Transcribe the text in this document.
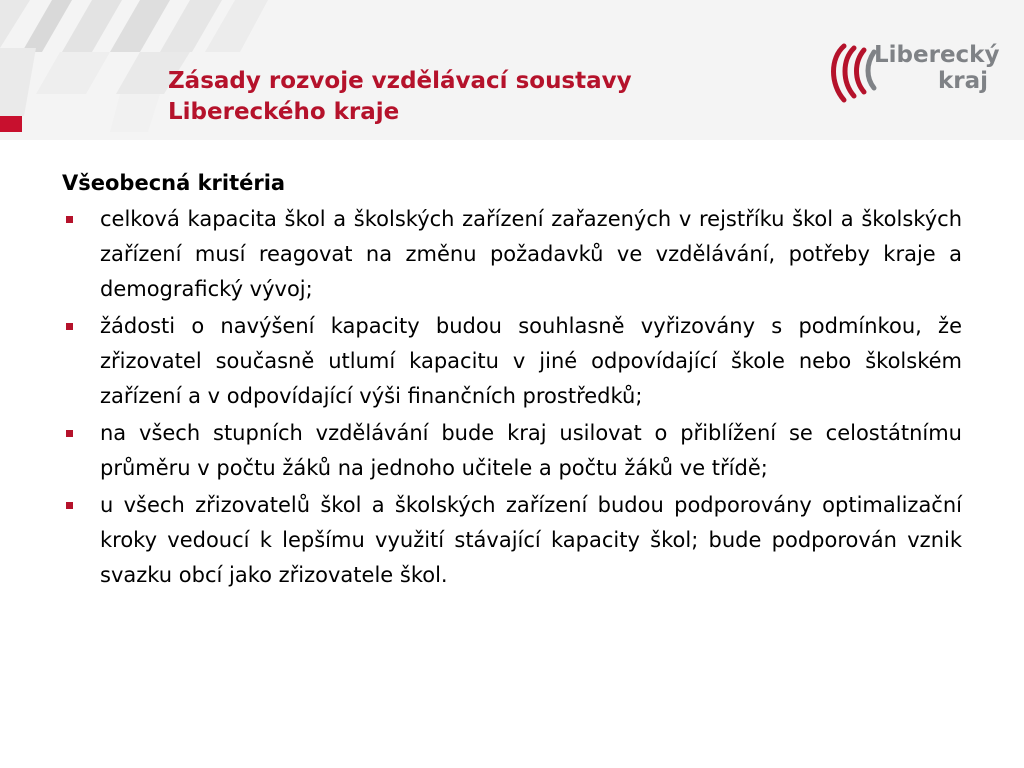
Zásady rozvoje vzdělávací soustavy
Libereckého kraje
Liberecký
kraj
Všeobecná kritéria
celková kapacita škol a školských zařízení zařazených v rejstříku škol a školských zařízení musí reagovat na změnu požadavků ve vzdělávání, potřeby kraje a demografický vývoj;
žádosti o navýšení kapacity budou souhlasně vyřizovány s podmínkou, že zřizovatel současně utlumí kapacitu v jiné odpovídající škole nebo školském zařízení a v odpovídající výši finančních prostředků;
na všech stupních vzdělávání bude kraj usilovat o přiblížení se celostátnímu průměru v počtu žáků na jednoho učitele a počtu žáků ve třídě;
u všech zřizovatelů škol a školských zařízení budou podporovány optimalizační kroky vedoucí k lepšímu využití stávající kapacity škol; bude podporován vznik svazku obcí jako zřizovatele škol.
